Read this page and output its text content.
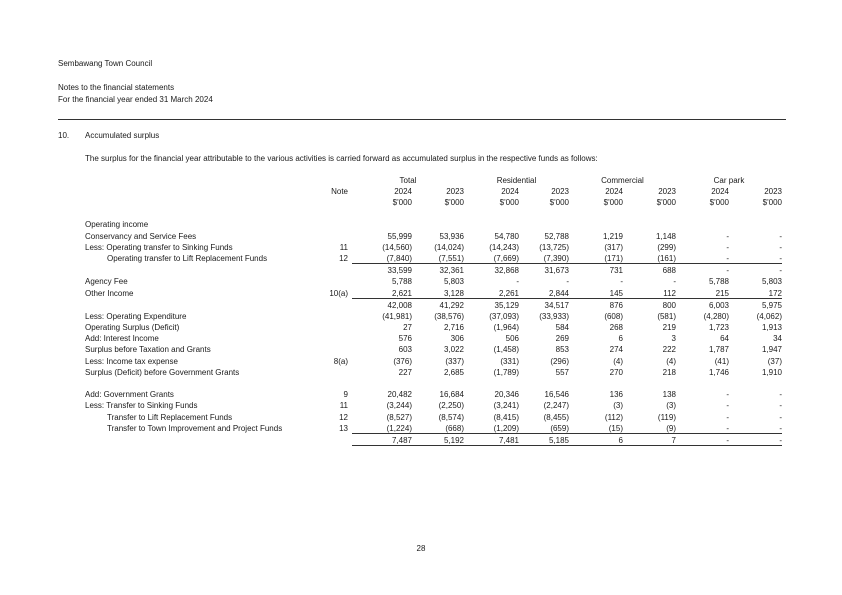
Sembawang Town Council
Notes to the financial statements
For the financial year ended 31 March 2024
10. Accumulated surplus
The surplus for the financial year attributable to the various activities is carried forward as accumulated surplus in the respective funds as follows:
		Total		Residential		Commercial		Car park	
	Note	2024	2023	2024	2023	2024	2023	2024	2023
		$'000	$'000	$'000	$'000	$'000	$'000	$'000	$'000

Operating income									
Conservancy and Service Fees		55,999	53,936	54,780	52,788	1,219	1,148	-	-
Less: Operating transfer to Sinking Funds	11	(14,560)	(14,024)	(14,243)	(13,725)	(317)	(299)	-	-
Operating transfer to Lift Replacement Funds	12	(7,840)	(7,551)	(7,669)	(7,390)	(171)	(161)	-	-
		33,599	32,361	32,868	31,673	731	688	-	-
Agency Fee		5,788	5,803	-	-	-	-	5,788	5,803
Other Income	10(a)	2,621	3,128	2,261	2,844	145	112	215	172
		42,008	41,292	35,129	34,517	876	800	6,003	5,975
Less: Operating Expenditure		(41,981)	(38,576)	(37,093)	(33,933)	(608)	(581)	(4,280)	(4,062)
Operating Surplus (Deficit)		27	2,716	(1,964)	584	268	219	1,723	1,913
Add: Interest Income		576	306	506	269	6	3	64	34
Surplus before Taxation and Grants		603	3,022	(1,458)	853	274	222	1,787	1,947
Less: Income tax expense	8(a)	(376)	(337)	(331)	(296)	(4)	(4)	(41)	(37)
Surplus (Deficit) before Government Grants		227	2,685	(1,789)	557	270	218	1,746	1,910

Add: Government Grants	9	20,482	16,684	20,346	16,546	136	138	-	-
Less: Transfer to Sinking Funds	11	(3,244)	(2,250)	(3,241)	(2,247)	(3)	(3)	-	-
Transfer to Lift Replacement Funds	12	(8,527)	(8,574)	(8,415)	(8,455)	(112)	(119)	-	-
Transfer to Town Improvement and Project Funds	13	(1,224)	(668)	(1,209)	(659)	(15)	(9)	-	-
		7,487	5,192	7,481	5,185	6	7	-	-
28
